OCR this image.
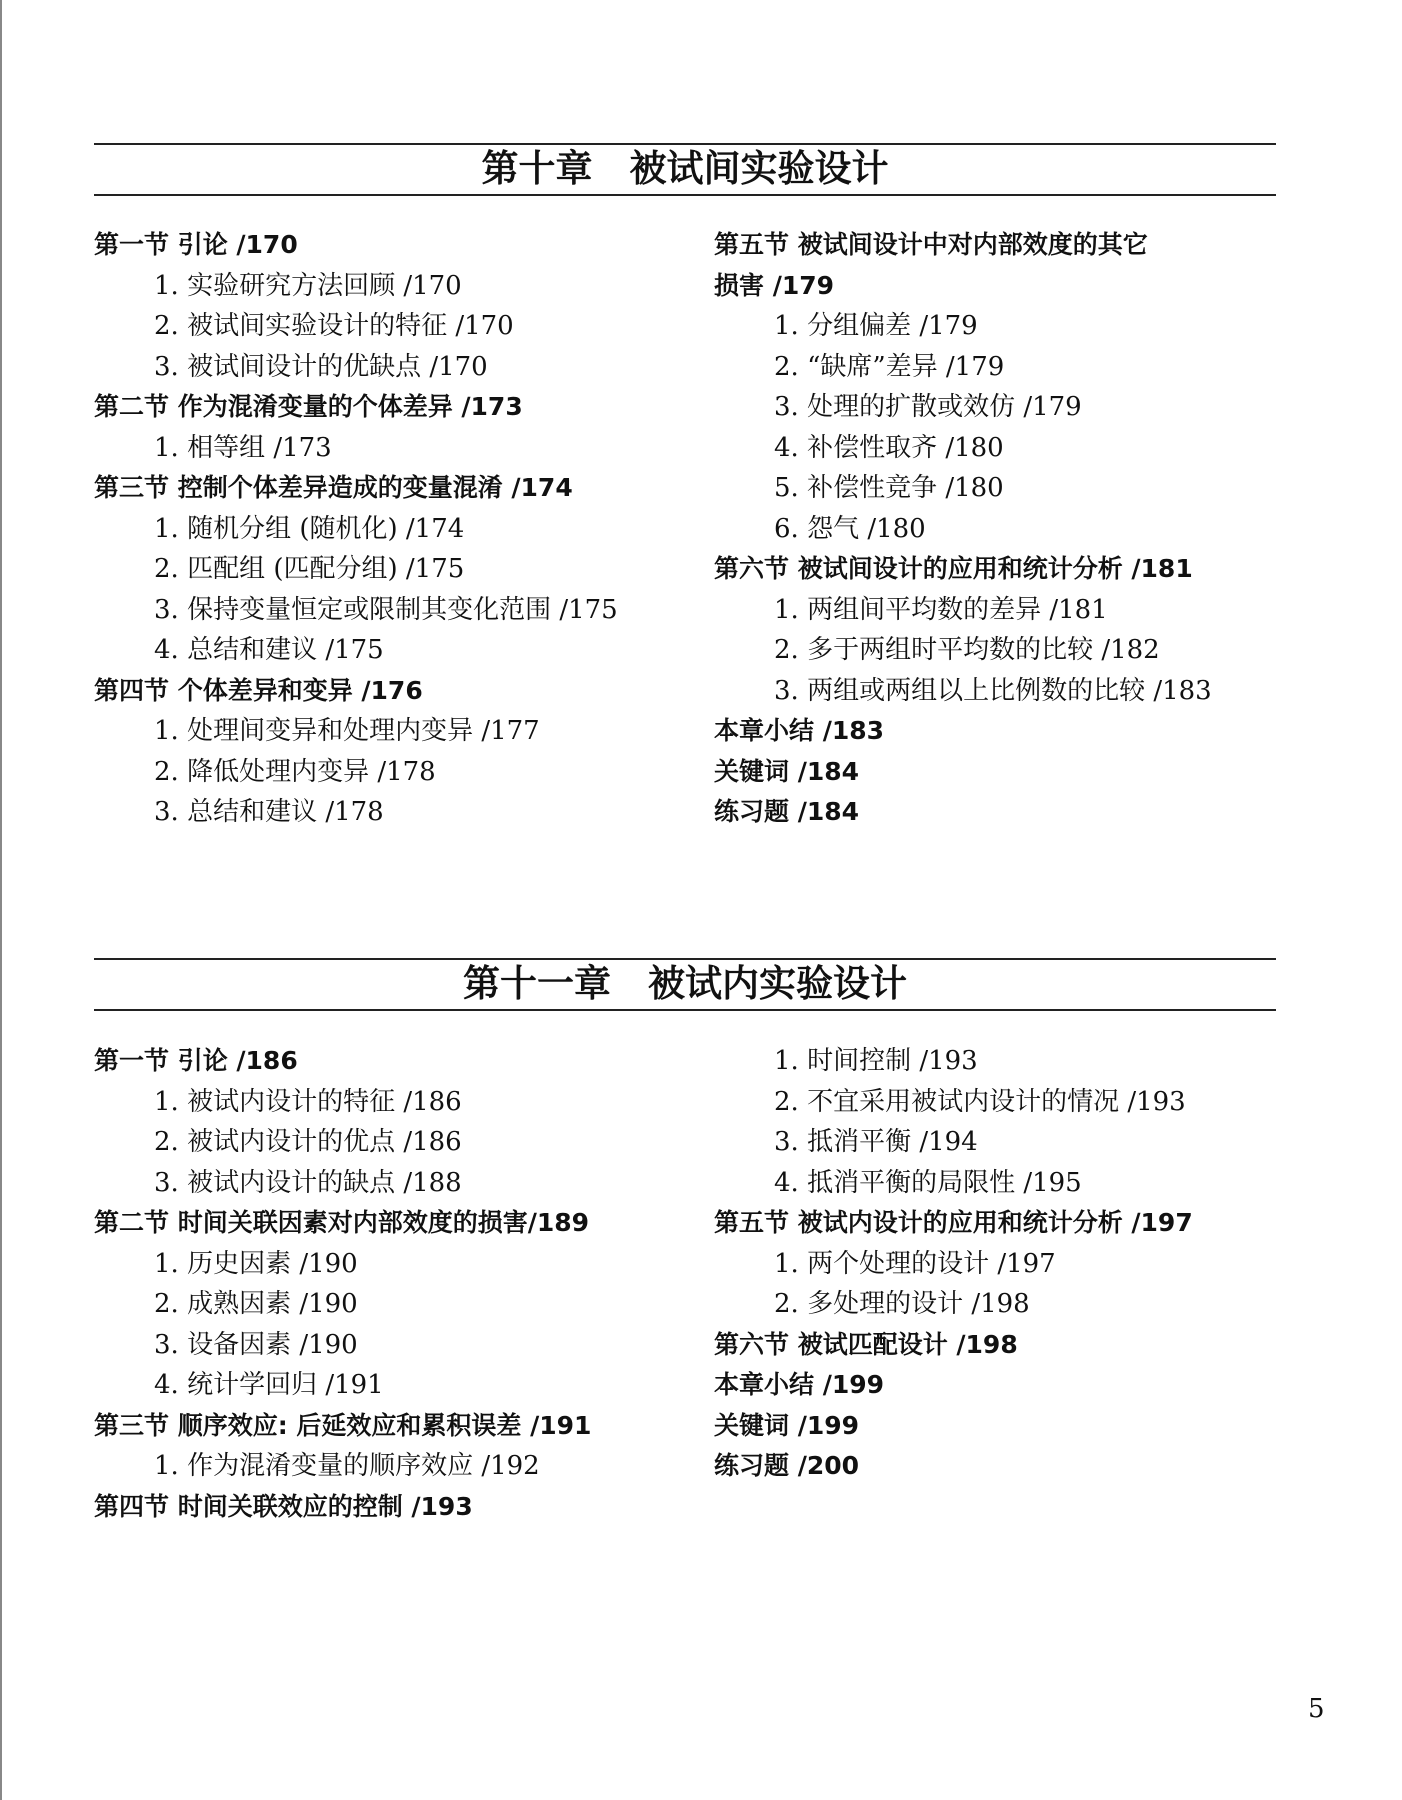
第十章　被试间实验设计
第一节 引论 ∕170
1. 实验研究方法回顾 ∕170
2. 被试间实验设计的特征 ∕170
3. 被试间设计的优缺点 ∕170
第二节 作为混淆变量的个体差异 ∕173
1. 相等组 ∕173
第三节 控制个体差异造成的变量混淆 ∕174
1. 随机分组 (随机化) ∕174
2. 匹配组 (匹配分组) ∕175
3. 保持变量恒定或限制其变化范围 ∕175
4. 总结和建议 ∕175
第四节 个体差异和变异 ∕176
1. 处理间变异和处理内变异 ∕177
2. 降低处理内变异 ∕178
3. 总结和建议 ∕178
第五节 被试间设计中对内部效度的其它
损害 ∕179
1. 分组偏差 ∕179
2. “缺席”差异 ∕179
3. 处理的扩散或效仿 ∕179
4. 补偿性取齐 ∕180
5. 补偿性竞争 ∕180
6. 怨气 ∕180
第六节 被试间设计的应用和统计分析 ∕181
1. 两组间平均数的差异 ∕181
2. 多于两组时平均数的比较 ∕182
3. 两组或两组以上比例数的比较 ∕183
本章小结 ∕183
关键词 ∕184
练习题 ∕184
第十一章　被试内实验设计
第一节 引论 ∕186
1. 被试内设计的特征 ∕186
2. 被试内设计的优点 ∕186
3. 被试内设计的缺点 ∕188
第二节 时间关联因素对内部效度的损害∕189
1. 历史因素 ∕190
2. 成熟因素 ∕190
3. 设备因素 ∕190
4. 统计学回归 ∕191
第三节 顺序效应: 后延效应和累积误差 ∕191
1. 作为混淆变量的顺序效应 ∕192
第四节 时间关联效应的控制 ∕193
1. 时间控制 ∕193
2. 不宜采用被试内设计的情况 ∕193
3. 抵消平衡 ∕194
4. 抵消平衡的局限性 ∕195
第五节 被试内设计的应用和统计分析 ∕197
1. 两个处理的设计 ∕197
2. 多处理的设计 ∕198
第六节 被试匹配设计 ∕198
本章小结 ∕199
关键词 ∕199
练习题 ∕200
5
